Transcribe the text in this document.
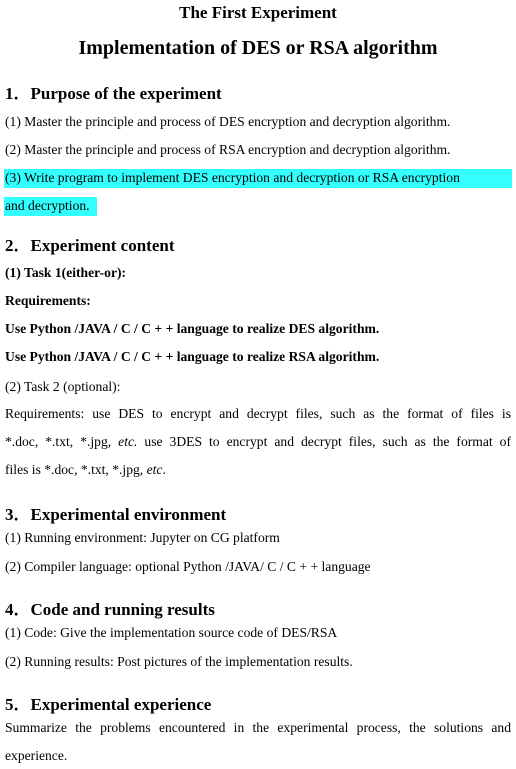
The First Experiment
Implementation of DES or RSA algorithm
1．Purpose of the experiment
(1) Master the principle and process of DES encryption and decryption algorithm.
(2) Master the principle and process of RSA encryption and decryption algorithm.
(3) Write program to implement DES encryption and decryption or RSA encryption
and decryption.
2．Experiment content
(1) Task 1(either-or):
Requirements:
Use Python /JAVA / C / C + + language to realize DES algorithm.
Use Python /JAVA / C / C + + language to realize RSA algorithm.
(2) Task 2 (optional):
Requirements: use DES to encrypt and decrypt files, such as the format of files is
*.doc, *.txt, *.jpg, etc. use 3DES to encrypt and decrypt files, such as the format of
files is *.doc, *.txt, *.jpg, etc.
3．Experimental environment
(1) Running environment: Jupyter on CG platform
(2) Compiler language: optional Python /JAVA/ C / C + + language
4．Code and running results
(1) Code: Give the implementation source code of DES/RSA
(2) Running results: Post pictures of the implementation results.
5．Experimental experience
Summarize the problems encountered in the experimental process, the solutions and
experience.
